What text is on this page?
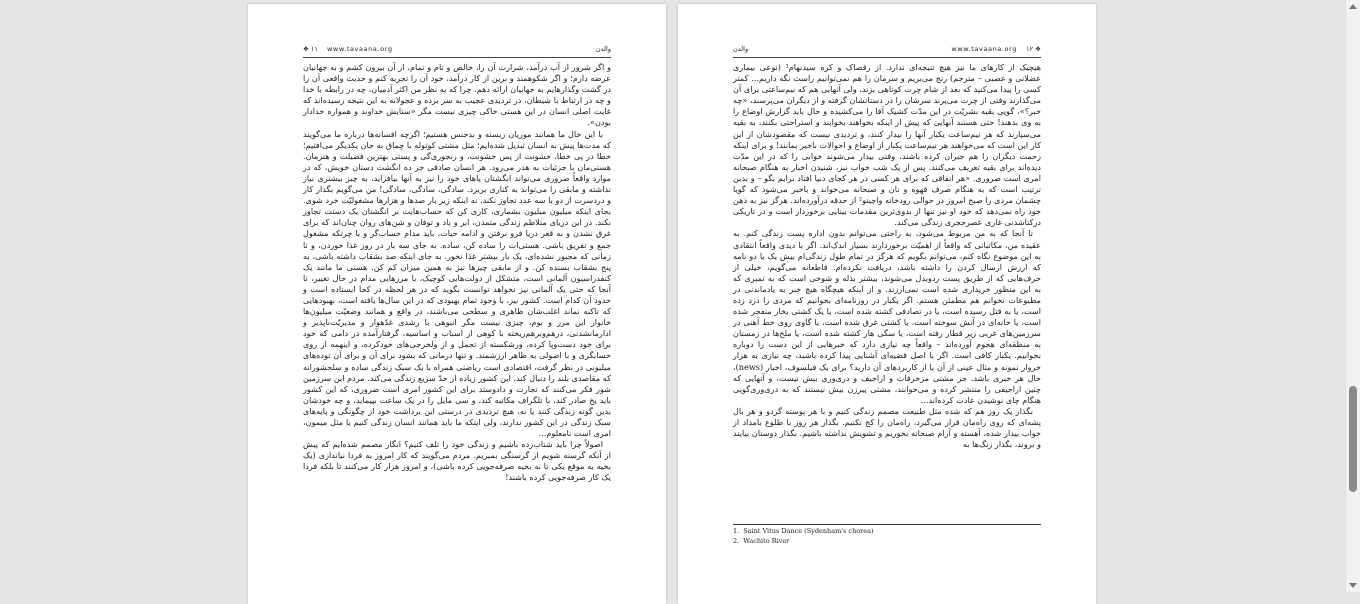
والدن
www.tavaana.org
❖ ۱۱

و اگر شرور از آب درآمد، شرارت آن را، خالص و تام و تمام، از آن بیرون کشم و به جهانیان عرضه دارم؛ و اگر شکوهمند و برین از کار درآمد، خود آن را تجربه کنم و حدیث واقعی آن را در گشت وگذارهایم به جهانیان ارائه دهم. چرا که به نظر من اکثر آدمیان، چه در رابطه با خدا و چه در ارتباط با شیطان، در تردیدی عجیب به سر برده و عجولانه به این نتیجه رسیده‌اند که غایت اصلی انسان در این هستی خاکی چیزی نیست مگر «ستایش خداوند و همواره خدادار بودن».

با این حال ما همانند موریان زیسته و بدجنس هستیم؛ اگرچه افسانه‌ها درباره ما می‌گویند که مدت‌ها پیش به انسان تبدیل شده‌ایم؛ مثل مشتی کوتوله با چماق به جان یکدیگر می‌افتیم؛ خطا در پی خطا، خشونت از پس خشونت، و رنجوری‌گی و پستی بهترین فضیلت و هنرمان. هستی‌مان با جزئیات به هدر می‌رود. هر انسان صادقی جز ده انگشت دستان خویش، که در موارد واقعاً ضروری می‌تواند انگشتان پاهای خود را نیز به آنها بیافزاید، به چیز بیشتری نیاز نداشته و مابقی را می‌تواند به کناری بریزد. سادگی، سادگی، سادگی! من می‌گویم بگذار کار و دردسرت از دو یا سه عدد تجاوز نکند، نه اینکه زیر بار صدها و هزارها مشغولیّت خرد شوی. بجای اینکه میلیون میلیون بشماری، کاری کن که حساب‌هایت بر انگشتان یک دستت تجاوز نکند. در این دریای متلاطم زندگی متمدن، ابر و باد و توفان و شن‌های روان چنان‌اند که برای غرق نشدن و به قعر دریا فرو نرفتن و ادامه حیات، باید مدام حساب‌گر و با چرتکه مشغول جمع و تفریق باشی. هستی‌ات را ساده کن، ساده. به جای سه بار در روز غذا خوردن، و تا زمانی که مجبور نشده‌ای، یک بار بیشتر غذا نخور. به جای اینکه صد بشقاب داشته باشی، به پنج بشقاب بسنده کن. و از مابقی چیزها نیز به همین میزان کم کن. هستی ما مانند یک کنفدراسیون آلمانی است، متشکل از دولت‌هایی کوچیک، با مرزهایی مدام در حال تغییر، تا آنجا که حتی یک آلمانی نیز نخواهد توانست بگوید که در هر لحظه در کجا ایستاده است و حدود آن کدام است. کشور نیز، با وجود تمام بهبودی که در این سال‌ها یافته است، بهبودهایی که تاکنه نماند اغلب‌شان ظاهری و سطحی می‌باشند، در واقع و همانند وضعیّت میلیون‌ها خانوار این مرز و بوم، چیزی نیست مگر انبوهی با رشدی غدّهوار و مدیریّت‌ناپذیر و ادارمانشدنی، درهم‌وبرهم‌ریخته با کوهی از اسباب و اساسیه، گرفتارآمده در دامی که خود برای خود دست‌و‌پا کرده، ورشکسته از تجمل و از ولخرجی‌های خودکرده، و اینهمه از روی حسابگری و با اصولی به ظاهر ارزشمند. و تنها درمانی که بشود برای آن و برای آن توده‌های میلیونی در نظر گرفت، اقتصادی است ریاضتی همراه با یک سبک زندگی ساده و سلحشورانه که مقاصدی بلند را دنبال کند. این کشور زیاده از حدّ سریع زندگی می‌کند. مردم این سرزمین شور فکر می‌کنند که تجارت و دادوستد برای این کشور امری است ضروری، که این کشور باید یخ صادر کند، با تلگراف مکاتبه کند، و سی مایل را در یک ساعت بپیماید، و چه خودشان بدین گونه زندگی کنند یا نه، هیچ تردیدی در درستی این برداشت خود از چگونگی و پایه‌های سبک زندگی در این کشور ندارند، ولی اینکه ما باید همانند انسان زندگی کنیم یا مثل میمون، امری است نامعلوم...

اصولاً چرا باید شتاب‌زده باشیم و زندگی خود را تلف کنیم؟ انگار مصمم شده‌ایم که پیش از آنکه گرسنه شویم از گرسنگی بمیریم. مردم می‌گویند که کار امروز به فردا نیاندازی (یک بخیه به موقع یکی تا نه بخیه صرفه‌جویی کرده باشی)، و امروز هزار کار می‌کنند تا بلکه فردا یک کار صرفه‌جویی کرده باشند!

والدن	www.tavaana.org ۱۲ ❖

هیچیک از کارهای ما نیز هیچ نتیجه‌ای ندارد. از رقصاک و کره سیدنهام¹ (نوعی بیماری عضلانی و عصبی – مترجم) رنج می‌بریم و سرمان را هم نمی‌توانیم راست نگه داریم... کمتر کسی را پیدا می‌کنید که بعد از شام چرت کوتاهی بزند، ولی آنهایی هم که نیم‌ساعتی برای آن می‌گذارند وقتی از چرت می‌پرند سرشان را در دستانشان گرفته و از دیگران می‌پرسند، «چه خبر؟»، گویی بقیه بشریّت در این مدّت کشیک آقا را می‌کشیده و حال باید گزارش اوضاع را به وی بدهند! حتی هستند آنهایی که پیش از اینکه بخواهند بخوابند و استراحتی بکنند، به بقیه می‌سپارند که هر نیم‌ساعت یکبار آنها را بیدار کنند، و تردیدی نیست که مقصودشان از این کار این است که می‌خواهند هر نیم‌ساعت یکبار از اوضاع و احوالات باخبر بمانند! و برای اینکه زحمت دیگران را هم جبران کرده باشند، وقتی بیدار می‌شوند خوابی را که در این مدّت دیده‌اند برای بقیه تعریف می‌کنند. پس از یک شب خواب نیز، شنیدن اخبار به هنگام صبحانه امری است ضروری. «هر اتفاقی که برای هر کسی در هر کجای دنیا افتاد برایم بگو – و بدین ترتیب است که به هنگام صرف قهوه و نان و صبحانه می‌خواند و باخبر می‌شود که گویا چشمان مردی را صبح امروز در حوالی رودخانه واچیتو² از حدقه درآورده‌اند. هرگز نیز به ذهن خود راه نمی‌دهد که خود او نیز تنها از بدوی‌ترین مقدمات بینایی برخوردار است و در تاریکی درکتاشدنی غاری عصرحجری زندگی می‌کند.

تا آنجا که به من مربوط می‌شود، به راحتی می‌توانم بدون اداره پست زندگی کنم. به عقیده من، مکاتباتی که واقعاً از اهمیّت برخوردارند بسیار اندک‌اند. اگر با دیدی واقعاً انتقادی به این موضوع نگاه کنم، می‌توانم بگویم که هرگز در تمام طول زندگی‌ام بیش یک یا دو نامه که ارزش ارسال کردن را داشته باشد، دریافت نکرده‌ام. قاطعانه می‌گویم، خیلی از حرف‌هایی که از طریق پست ردوبدل می‌شوند، بیشتر بذله و شوخی است که به تمبری که به این منظور خریداری شده است نمی‌ارزند. و از اینکه هیچگاه هیچ خبر به یادماندنی در مطبوعات نخوانم هم مطمئن هستم. اگر یکبار در روزنامه‌ای بخوانیم که مردی را دزد زده است، یا به قتل رسیده است، یا در تصادفی کشته شده است، یا یک کشتی بخار منفجر شده است، یا خانه‌ای در آتش سوخته است، یا کشتی غرق شده است، یا گاوی روی خط آهنی در سرزمین‌های غربی زیر قطار رفته است، یا سگی هار کشته شده است، یا ملخ‌ها در زمستان به منطقه‌ای هجوم آورده‌اند – واقعاً چه نیازی دارد که خبرهایی از این دست را دوباره بخوانیم. یکبار کافی است. اگر با اصل قضیه‌ای آشنایی پیدا کرده باشید، چه نیازی به هزار خروار نمونه و مثال عینی از آن یا از کاربردهای آن دارید؟ برای یک فیلسوف، اخبار (news)، حال هر خبری باشد، جز مشتی مزخرفات و اراجیف و دری‌وری بیش نیست، و آنهایی که چنین اراجیفی را منتشر کرده و می‌خوانند، مشتی پیرزن بیش نیستند که به دری‌وری‌گویی هنگام چای نوشیدن عادت کرده‌اند...

بگذار یک روز هم که شده مثل طبیعت مصمم زندگی کنیم و با هر پوسته گردو و هر بال پشه‌ای که روی راه‌مان قرار می‌گیرد، راه‌مان را کج نکنیم. بگذار هر روز با طلوع بامداد از خواب بیدار شده، آهسته و آرام صبحانه بخوریم و تشویش نداشته باشیم. بگذار دوستان بیایند و بروند، بگذار زنگ‌ها به

1. Saint Vitus Dance (Sydenham's chorea)
2. Wachito River
